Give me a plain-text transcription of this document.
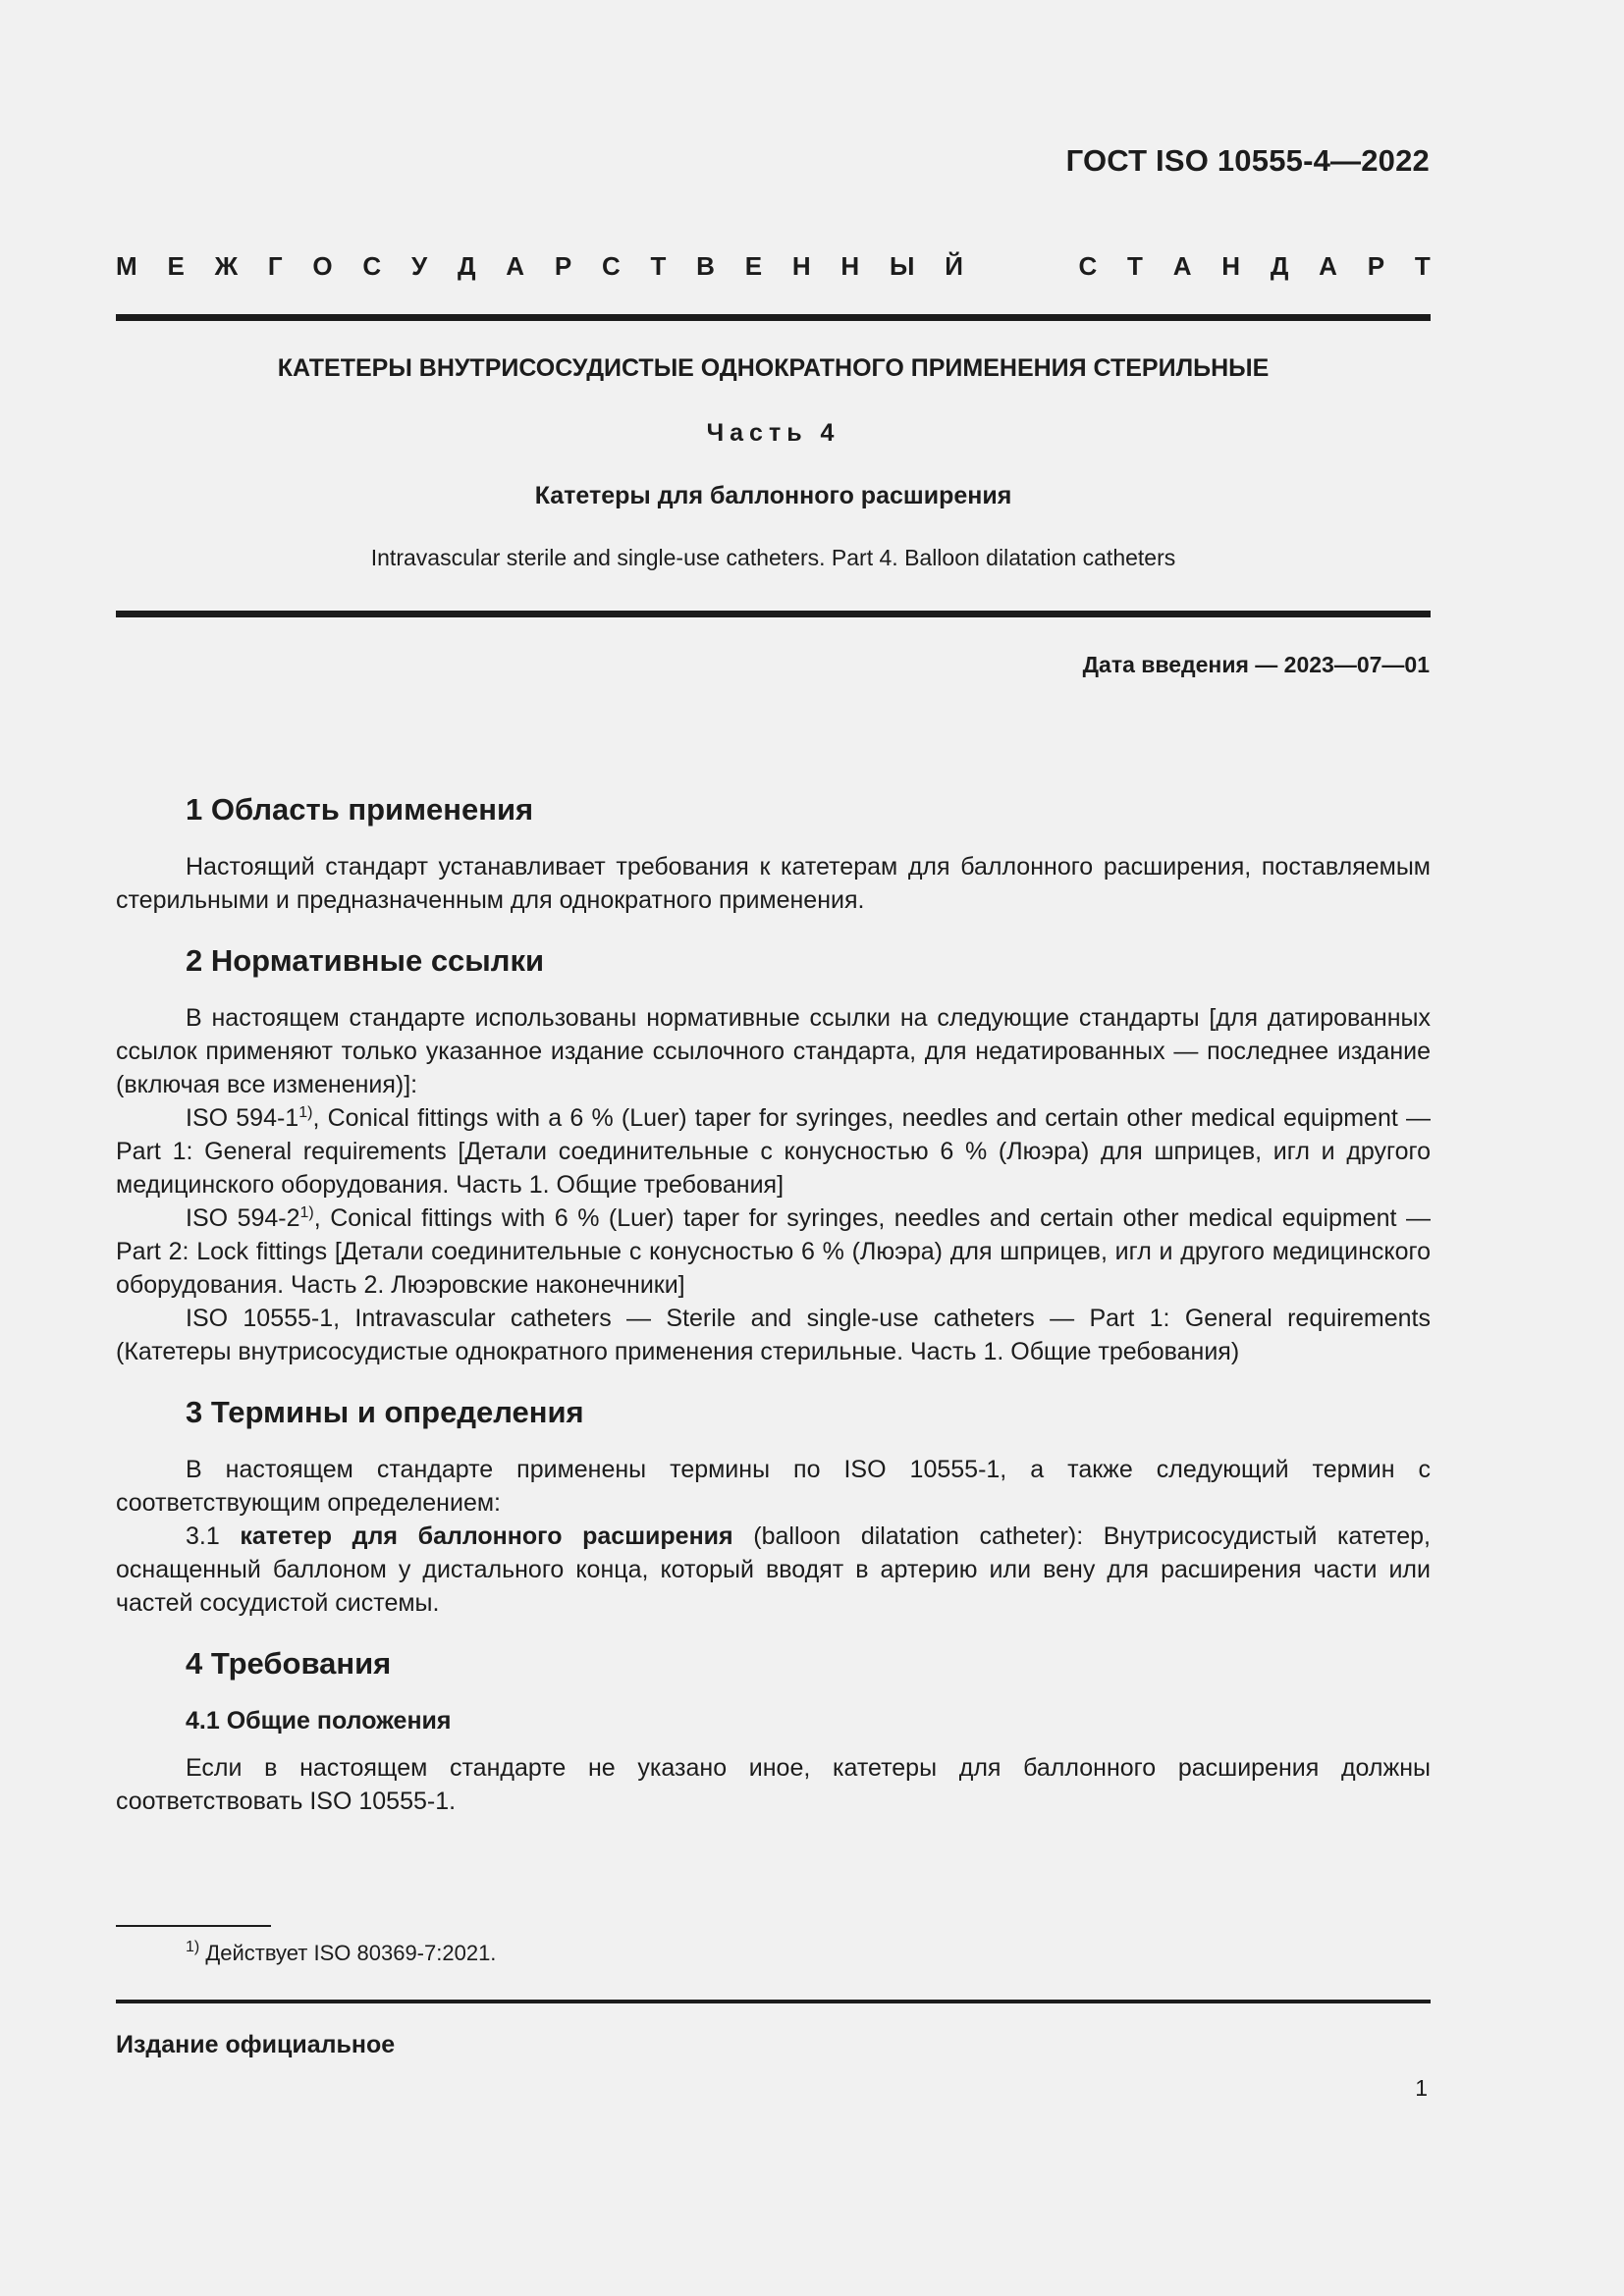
ГОСТ ISO 10555-4—2022
М Е Ж Г О С У Д А Р С Т В Е Н Н Ы Й	С Т А Н Д А Р Т
КАТЕТЕРЫ ВНУТРИСОСУДИСТЫЕ ОДНОКРАТНОГО ПРИМЕНЕНИЯ СТЕРИЛЬНЫЕ
Часть 4
Катетеры для баллонного расширения
Intravascular sterile and single-use catheters. Part 4. Balloon dilatation catheters
Дата введения — 2023—07—01
1 Область применения

Настоящий стандарт устанавливает требования к катетерам для баллонного расширения, поставляемым стерильными и предназначенным для однократного применения.

2 Нормативные ссылки

В настоящем стандарте использованы нормативные ссылки на следующие стандарты [для датированных ссылок применяют только указанное издание ссылочного стандарта, для недатированных — последнее издание (включая все изменения)]:

ISO 594-1$^{1)}$, Conical fittings with a 6 % (Luer) taper for syringes, needles and certain other medical equipment — Part 1: General requirements [Детали соединительные с конусностью 6 % (Люэра) для шприцев, игл и другого медицинского оборудования. Часть 1. Общие требования]

ISO 594-2$^{1)}$, Conical fittings with 6 % (Luer) taper for syringes, needles and certain other medical equipment — Part 2: Lock fittings [Детали соединительные с конусностью 6 % (Люэра) для шприцев, игл и другого медицинского оборудования. Часть 2. Люэровские наконечники]

ISO 10555-1, Intravascular catheters — Sterile and single-use catheters — Part 1: General requirements (Катетеры внутрисосудистые однократного применения стерильные. Часть 1. Общие требования)

3 Термины и определения

В настоящем стандарте применены термины по ISO 10555-1, а также следующий термин с соответствующим определением:

3.1 катетер для баллонного расширения (balloon dilatation catheter): Внутрисосудистый катетер, оснащенный баллоном у дистального конца, который вводят в артерию или вену для расширения части или частей сосудистой системы.

4 Требования
4.1 Общие положения

Если в настоящем стандарте не указано иное, катетеры для баллонного расширения должны соответствовать ISO 10555-1.

$^{1)}$ Действует ISO 80369-7:2021.
Издание официальное
1
